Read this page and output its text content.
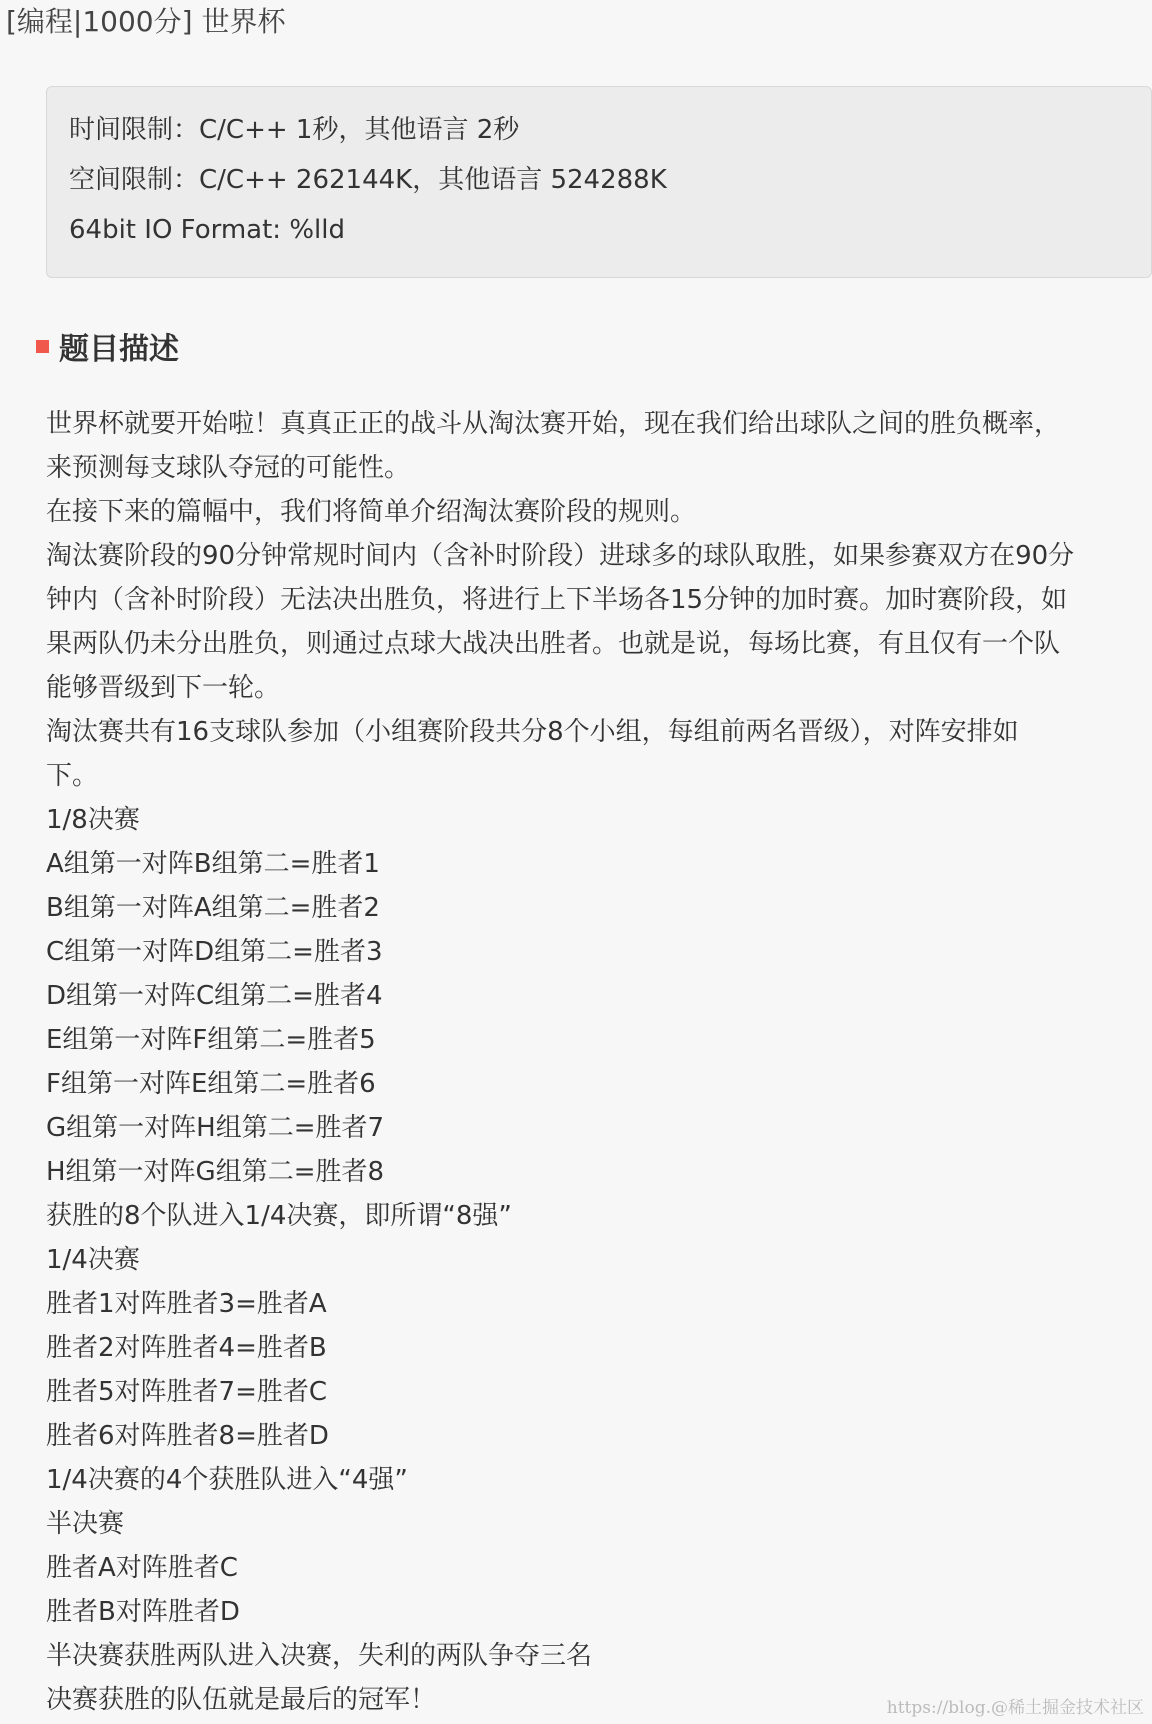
[编程|1000分] 世界杯
时间限制：C/C++ 1秒，其他语言 2秒
空间限制：C/C++ 262144K，其他语言 524288K
64bit IO Format: %lld
题目描述
世界杯就要开始啦！真真正正的战斗从淘汰赛开始，现在我们给出球队之间的胜负概率，
来预测每支球队夺冠的可能性。
在接下来的篇幅中，我们将简单介绍淘汰赛阶段的规则。
淘汰赛阶段的90分钟常规时间内（含补时阶段）进球多的球队取胜，如果参赛双方在90分
钟内（含补时阶段）无法决出胜负，将进行上下半场各15分钟的加时赛。加时赛阶段，如
果两队仍未分出胜负，则通过点球大战决出胜者。也就是说，每场比赛，有且仅有一个队
能够晋级到下一轮。
淘汰赛共有16支球队参加（小组赛阶段共分8个小组，每组前两名晋级），对阵安排如
下。
1/8决赛
A组第一对阵B组第二=胜者1
B组第一对阵A组第二=胜者2
C组第一对阵D组第二=胜者3
D组第一对阵C组第二=胜者4
E组第一对阵F组第二=胜者5
F组第一对阵E组第二=胜者6
G组第一对阵H组第二=胜者7
H组第一对阵G组第二=胜者8
获胜的8个队进入1/4决赛，即所谓“8强”
1/4决赛
胜者1对阵胜者3=胜者A
胜者2对阵胜者4=胜者B
胜者5对阵胜者7=胜者C
胜者6对阵胜者8=胜者D
1/4决赛的4个获胜队进入“4强”
半决赛
胜者A对阵胜者C
胜者B对阵胜者D
半决赛获胜两队进入决赛，失利的两队争夺三名
决赛获胜的队伍就是最后的冠军！	https://blog.@稀土掘金技术社区
